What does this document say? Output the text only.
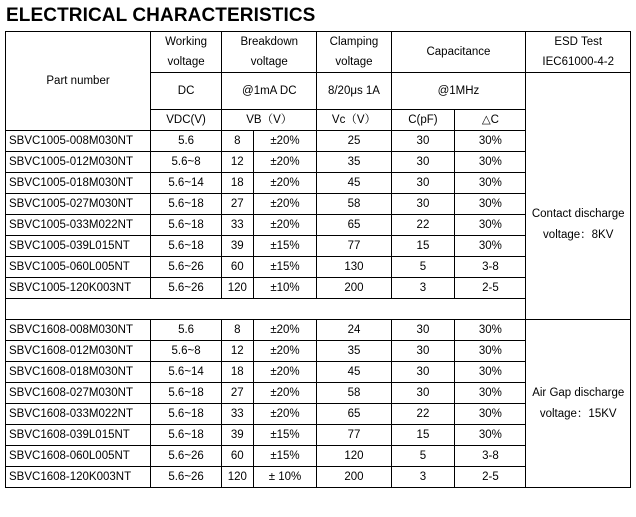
ELECTRICAL CHARACTERISTICS
Part number	Working voltage	Breakdown voltage		Clamping voltage	Capacitance		ESD Test IEC61000-4-2
	DC	@1mA DC		8/20μs 1A	@1MHz		
	VDC(V)	VB（V）		Vc（V）	C(pF)	△C	
SBVC1005-008M030NT	5.6	8	±20%	25	30	30%	Contact discharge voltage：8KV
SBVC1005-012M030NT	5.6~8	12	±20%	35	30	30%	
SBVC1005-018M030NT	5.6~14	18	±20%	45	30	30%	
SBVC1005-027M030NT	5.6~18	27	±20%	58	30	30%	
SBVC1005-033M022NT	5.6~18	33	±20%	65	22	30%	
SBVC1005-039L015NT	5.6~18	39	±15%	77	15	30%	
SBVC1005-060L005NT	5.6~26	60	±15%	130	5	3-8	
SBVC1005-120K003NT	5.6~26	120	±10%	200	3	2-5	

SBVC1608-008M030NT	5.6	8	±20%	24	30	30%	Air Gap discharge voltage：15KV
SBVC1608-012M030NT	5.6~8	12	±20%	35	30	30%	
SBVC1608-018M030NT	5.6~14	18	±20%	45	30	30%	
SBVC1608-027M030NT	5.6~18	27	±20%	58	30	30%	
SBVC1608-033M022NT	5.6~18	33	±20%	65	22	30%	
SBVC1608-039L015NT	5.6~18	39	±15%	77	15	30%	
SBVC1608-060L005NT	5.6~26	60	±15%	120	5	3-8	
SBVC1608-120K003NT	5.6~26	120	± 10%	200	3	2-5	
